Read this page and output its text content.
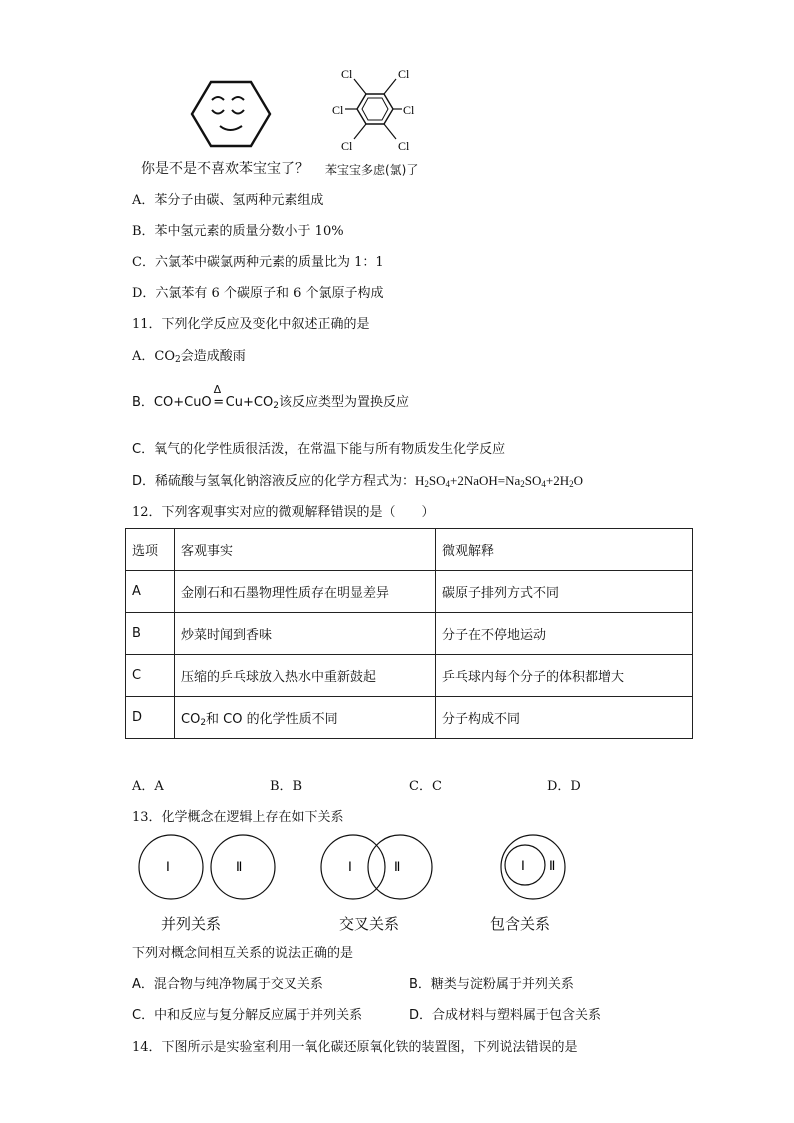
Cl	Cl
Cl	Cl
Cl	Cl
你是不是不喜欢苯宝宝了？ 苯宝宝多虑(氯)了
A．苯分子由碳、氢两种元素组成
B．苯中氢元素的质量分数小于 10%
C．六氯苯中碳氯两种元素的质量比为 1：1
D．六氯苯有 6 个碳原子和 6 个氯原子构成
11．下列化学反应及变化中叙述正确的是
A．$CO_2$会造成酸雨
B．CO+CuO
Δ
= $Cu+CO_2$该反应类型为置换反应
C．氧气的化学性质很活泼，在常温下能与所有物质发生化学反应
D．稀硫酸与氢氧化钠溶液反应的化学方程式为：$H_2SO_4+2NaOH=Na_2SO_4+2H_2O$
12．下列客观事实对应的微观解释错误的是（　　）
选项	客观事实	微观解释
A	金刚石和石墨物理性质存在明显差异	碳原子排列方式不同
B	炒菜时闻到香味	分子在不停地运动
C	压缩的乒乓球放入热水中重新鼓起	乒乓球内每个分子的体积都增大
D	$CO_2$和 CO 的化学性质不同	分子构成不同
A．A	B．B	C．C	D．D
13．化学概念在逻辑上存在如下关系
Ⅰ	Ⅱ	Ⅰ	Ⅱ	Ⅰ Ⅱ
并列关系	交叉关系	包含关系
下列对概念间相互关系的说法正确的是
A．混合物与纯净物属于交叉关系	B．糖类与淀粉属于并列关系
C．中和反应与复分解反应属于并列关系	D．合成材料与塑料属于包含关系
14．下图所示是实验室利用一氧化碳还原氧化铁的装置图，下列说法错误的是
